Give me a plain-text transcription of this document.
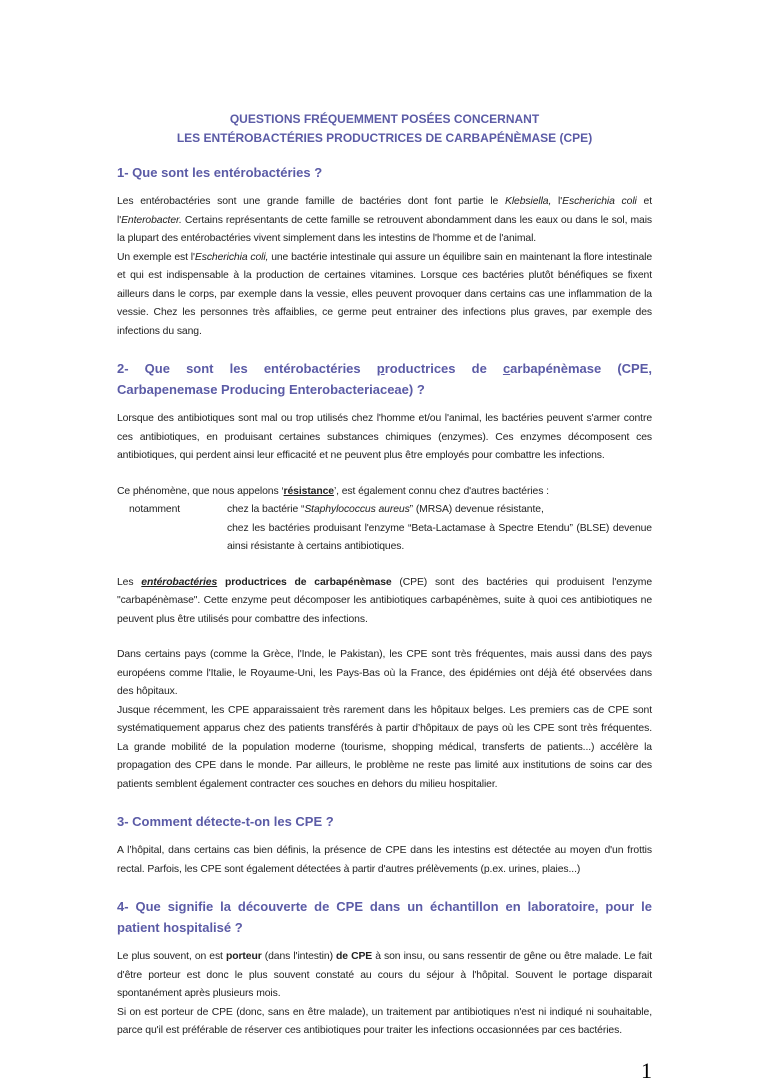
QUESTIONS FRÉQUEMMENT POSÉES CONCERNANT
LES ENTÉROBACTÉRIES PRODUCTRICES DE CARBAPÉNÈMASE (CPE)
1- Que sont les entérobactéries ?

Les entérobactéries sont une grande famille de bactéries dont font partie le Klebsiella, l'Escherichia coli et l'Enterobacter. Certains représentants de cette famille se retrouvent abondamment dans les eaux ou dans le sol, mais la plupart des entérobactéries vivent simplement dans les intestins de l'homme et de l'animal.

Un exemple est l'Escherichia coli, une bactérie intestinale qui assure un équilibre sain en maintenant la flore intestinale et qui est indispensable à la production de certaines vitamines. Lorsque ces bactéries plutôt bénéfiques se fixent ailleurs dans le corps, par exemple dans la vessie, elles peuvent provoquer dans certains cas une inflammation de la vessie. Chez les personnes très affaiblies, ce germe peut entrainer des infections plus graves, par exemple des infections du sang.

2- Que sont les entérobactéries productrices de carbapénèmase (CPE, Carbapenemase Producing Enterobacteriaceae) ?

Lorsque des antibiotiques sont mal ou trop utilisés chez l'homme et/ou l'animal, les bactéries peuvent s'armer contre ces antibiotiques, en produisant certaines substances chimiques (enzymes). Ces enzymes décomposent ces antibiotiques, qui perdent ainsi leur efficacité et ne peuvent plus être employés pour combattre les infections.

Ce phénomène, que nous appelons ‘résistance’, est également connu chez d'autres bactéries :

notamment	chez la bactérie “Staphylococcus aureus” (MRSA) devenue résistante,
chez les bactéries produisant l'enzyme “Beta-Lactamase à Spectre Etendu” (BLSE) devenue ainsi résistante à certains antibiotiques.

Les entérobactéries productrices de carbapénèmase (CPE) sont des bactéries qui produisent l'enzyme "carbapénèmase". Cette enzyme peut décomposer les antibiotiques carbapénèmes, suite à quoi ces antibiotiques ne peuvent plus être utilisés pour combattre des infections.

Dans certains pays (comme la Grèce, l'Inde, le Pakistan), les CPE sont très fréquentes, mais aussi dans des pays européens comme l'Italie, le Royaume-Uni, les Pays-Bas où la France, des épidémies ont déjà été observées dans des hôpitaux.

Jusque récemment, les CPE apparaissaient très rarement dans les hôpitaux belges. Les premiers cas de CPE sont systématiquement apparus chez des patients transférés à partir d’hôpitaux de pays où les CPE sont très fréquentes. La grande mobilité de la population moderne (tourisme, shopping médical, transferts de patients...) accélère la propagation des CPE dans le monde. Par ailleurs, le problème ne reste pas limité aux institutions de soins car des patients semblent également contracter ces souches en dehors du milieu hospitalier.

3- Comment détecte-t-on les CPE ?

A l’hôpital, dans certains cas bien définis, la présence de CPE dans les intestins est détectée au moyen d'un frottis rectal. Parfois, les CPE sont également détectées à partir d'autres prélèvements (p.ex. urines, plaies...)

4- Que signifie la découverte de CPE dans un échantillon en laboratoire, pour le patient hospitalisé ?

Le plus souvent, on est porteur (dans l'intestin) de CPE à son insu, ou sans ressentir de gêne ou être malade. Le fait d'être porteur est donc le plus souvent constaté au cours du séjour à l'hôpital. Souvent le portage disparait spontanément après plusieurs mois.

Si on est porteur de CPE (donc, sans en être malade), un traitement par antibiotiques n'est ni indiqué ni souhaitable, parce qu'il est préférable de réserver ces antibiotiques pour traiter les infections occasionnées par ces bactéries.

1
